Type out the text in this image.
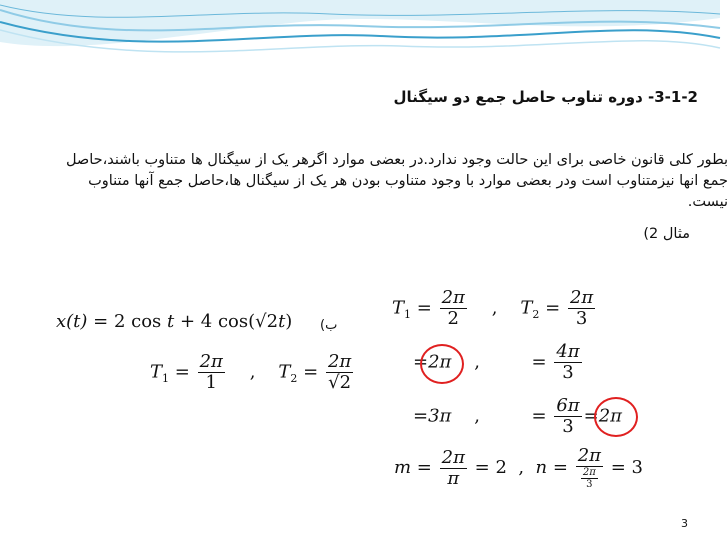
3-1-2- دوره تناوب حاصل جمع دو سیگنال
بطور کلی قانون خاصی برای این حالت وجود ندارد.در بعضی موارد اگرهر یک از سیگنال ها متناوب باشند،حاصل
جمع انها نیزمتناوب است ودر بعضی موارد با وجود متناوب بودن هر یک از سیگنال ها،حاصل جمع آنها متناوب
نیست.
مثال 2)
$T_1 = \frac{2\pi}{2}$ ,    $T_2 = \frac{2\pi}{3}$
=2π    ,         = $\frac{4\pi}{3}$
=3π    ,         = $\frac{6\pi}{3} =2\pi$
$m = \frac{2\pi}{\pi} = 2$  ,  $n = \frac{2\pi}{\frac{2\pi}{3}} = 3$
x(t) = 2 cos t + 4 cos(√2t) ب)
$T_1 = \frac{2\pi}{1}$ ,    $T_2 = \frac{2\pi}{√2}$
3
